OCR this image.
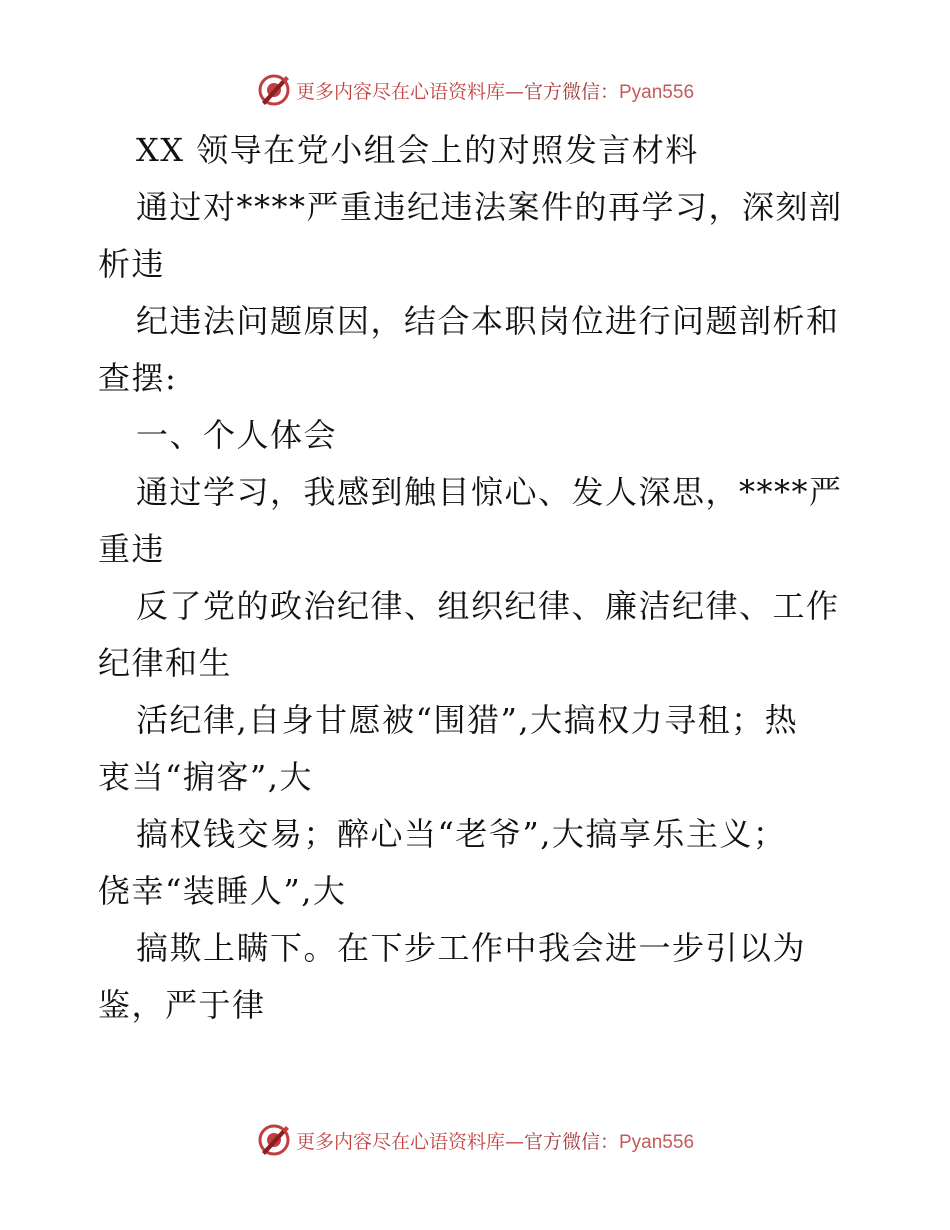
更多内容尽在心语资料库—官方微信：Pyan556
XX 领导在党小组会上的对照发言材料
通过对****严重违纪违法案件的再学习，深刻剖
析违
纪违法问题原因，结合本职岗位进行问题剖析和
查摆:
一、个人体会
通过学习，我感到触目惊心、发人深思，****严
重违
反了党的政治纪律、组织纪律、廉洁纪律、工作
纪律和生
活纪律,自身甘愿被“围猎”,大搞权力寻租；热
衷当“掮客”,大
搞权钱交易；醉心当“老爷”,大搞享乐主义；
侥幸“装睡人”,大
搞欺上瞒下。在下步工作中我会进一步引以为
鉴，严于律
更多内容尽在心语资料库—官方微信：Pyan556
